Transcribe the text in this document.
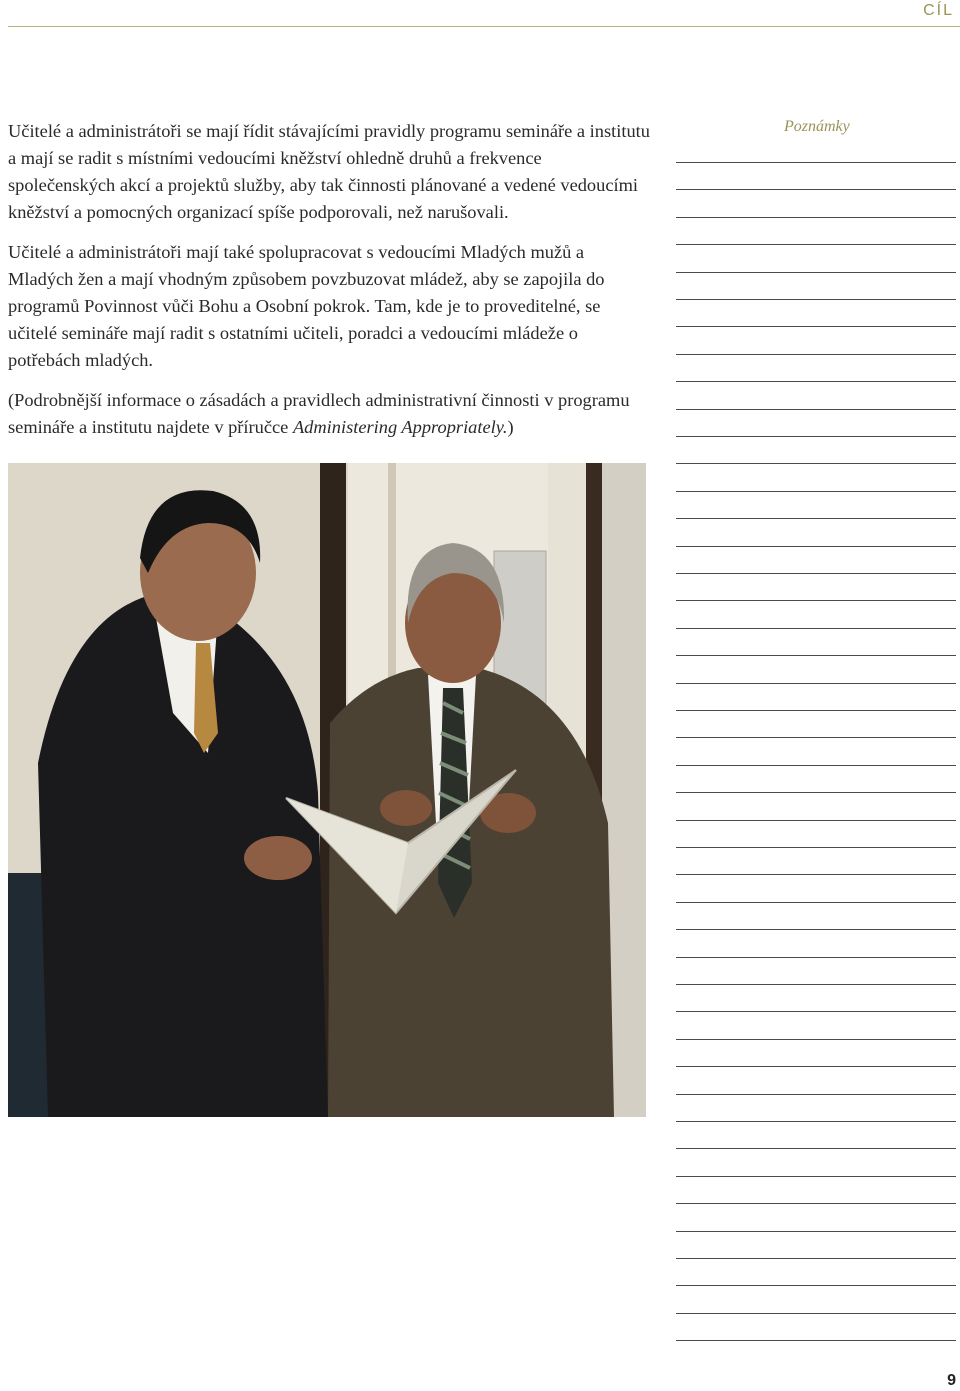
CÍL

Učitelé a administrátoři se mají řídit stávajícími pravidly programu semináře a institutu a mají se radit s místními vedoucími kněžství ohledně druhů a frekvence společenských akcí a projektů služby, aby tak činnosti plánované a vedené vedoucími kněžství a pomocných organizací spíše podporovali, než narušovali.

Učitelé a administrátoři mají také spolupracovat s vedoucími Mladých mužů a Mladých žen a mají vhodným způsobem povzbuzovat mládež, aby se zapojila do programů Povinnost vůči Bohu a Osobní pokrok. Tam, kde je to proveditelné, se učitelé semináře mají radit s ostatními učiteli, poradci a vedoucími mládeže o potřebách mladých.

(Podrobnější informace o zásadách a pravidlech administrativní činnosti v programu semináře a institutu najdete v příručce Administering Appropriately.)

Poznámky
9
